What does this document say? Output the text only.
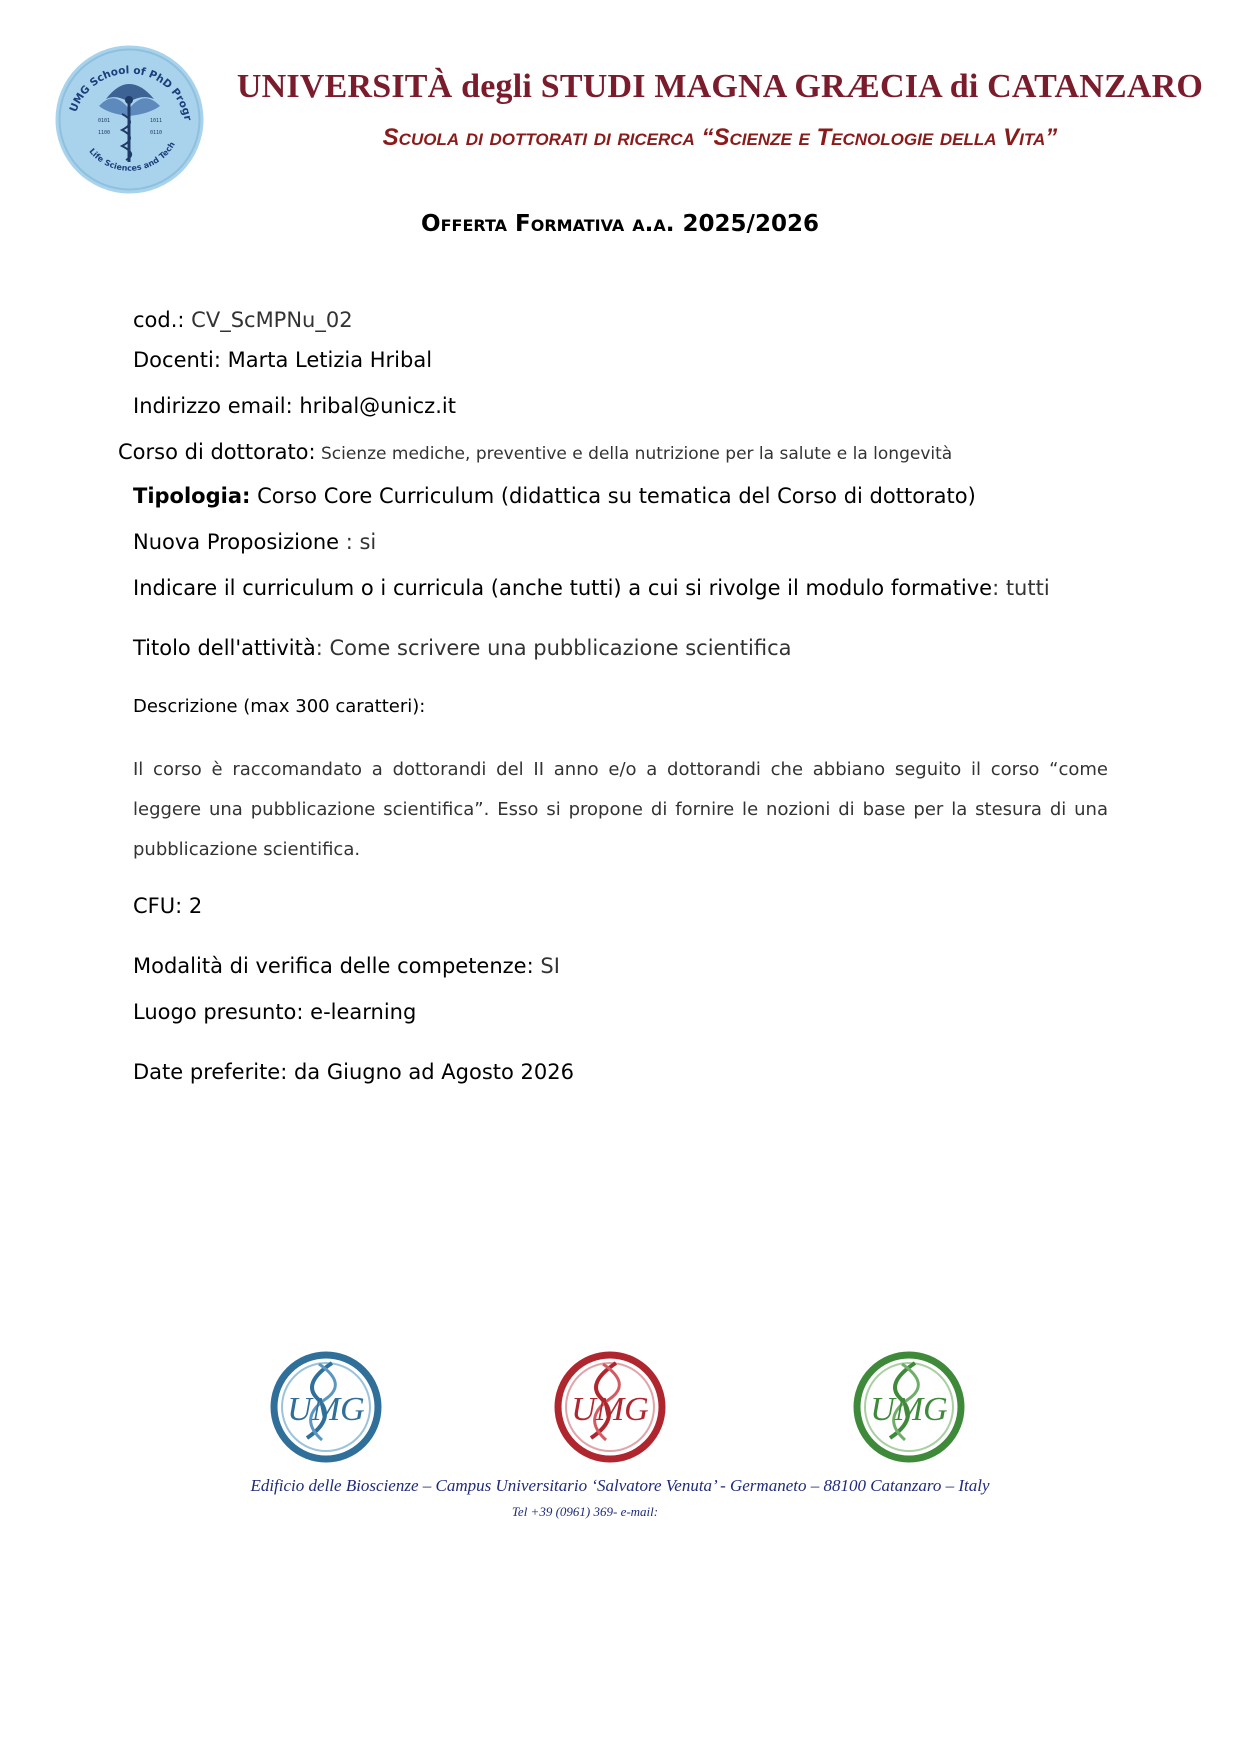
UMG School of PhD Progr
Life Sciences and Tech
0101
1100
1011
0110
UNIVERSITÀ degli STUDI MAGNA GRÆCIA di CATANZARO
Scuola di dottorati di ricerca “Scienze e Tecnologie della Vita”
Offerta Formativa a.a. 2025/2026
cod.: CV_ScMPNu_02
Docenti: Marta Letizia Hribal
Indirizzo email: hribal@unicz.it
Corso di dottorato: Scienze mediche, preventive e della nutrizione per la salute e la longevità
Tipologia: Corso Core Curriculum (didattica su tematica del Corso di dottorato)
Nuova Proposizione : si
Indicare il curriculum o i curricula (anche tutti) a cui si rivolge il modulo formative: tutti
Titolo dell'attività: Come scrivere una pubblicazione scientifica
Descrizione (max 300 caratteri):
Il corso è raccomandato a dottorandi del II anno e/o a dottorandi che abbiano seguito il corso “come leggere una pubblicazione scientifica”. Esso si propone di fornire le nozioni di base per la stesura di una pubblicazione scientifica.
CFU: 2
Modalità di verifica delle competenze: SI
Luogo presunto: e-learning
Date preferite: da Giugno ad Agosto 2026
UMG	UMG	UMG
Edificio delle Bioscienze – Campus Universitario ‘Salvatore Venuta’ - Germaneto – 88100 Catanzaro – Italy
Tel +39 (0961) 369- e-mail:
